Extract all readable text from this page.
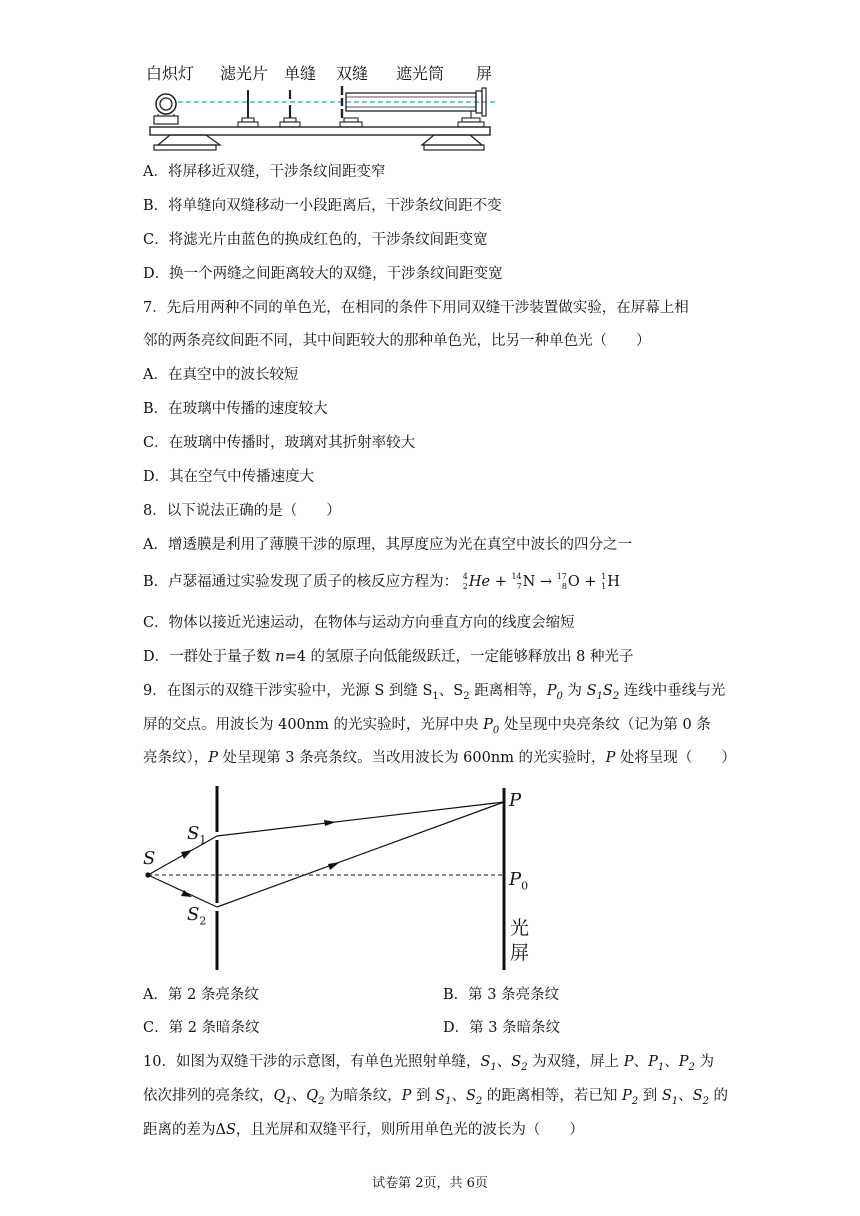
白炽灯 滤光片 单缝 双缝 遮光筒 屏
A．将屏移近双缝，干涉条纹间距变窄
B．将单缝向双缝移动一小段距离后，干涉条纹间距不变
C．将滤光片由蓝色的换成红色的，干涉条纹间距变宽
D．换一个两缝之间距离较大的双缝，干涉条纹间距变宽
7．先后用两种不同的单色光，在相同的条件下用同双缝干涉装置做实验，在屏幕上相
邻的两条亮纹间距不同，其中间距较大的那种单色光，比另一种单色光（　　）
A．在真空中的波长较短
B．在玻璃中传播的速度较大
C．在玻璃中传播时，玻璃对其折射率较大
D．其在空气中传播速度大
8．以下说法正确的是（　　）
A．增透膜是利用了薄膜干涉的原理，其厚度应为光在真空中波长的四分之一
B．卢瑟福通过实验发现了质子的核反应方程为： 4
2 He + 14
7 N → 17
8 O + 1
1 H
C．物体以接近光速运动，在物体与运动方向垂直方向的线度会缩短
D．一群处于量子数 n=4 的氢原子向低能级跃迁，一定能够释放出 8 种光子
9．在图示的双缝干涉实验中，光源 S 到缝 $S_1$、$S_2$ 距离相等，$P_0$ 为 $S_1S_2$ 连线中垂线与光
屏的交点。用波长为 400nm 的光实验时，光屏中央 $P_0$ 处呈现中央亮条纹（记为第 0 条
亮条纹），P 处呈现第 3 条亮条纹。当改用波长为 600nm 的光实验时，P 处将呈现（　　）
S
$S_1$
$S_2$
P
$P_0$
光
屏
A．第 2 条亮条纹	B．第 3 条亮条纹
C．第 2 条暗条纹	D．第 3 条暗条纹
10．如图为双缝干涉的示意图，有单色光照射单缝，$S_1$、$S_2$ 为双缝，屏上 P、$P_1$、$P_2$ 为
依次排列的亮条纹，$Q_1$、$Q_2$ 为暗条纹，P 到 $S_1$、$S_2$ 的距离相等，若已知 $P_2$ 到 $S_1$、$S_2$ 的
距离的差为ΔS，且光屏和双缝平行，则所用单色光的波长为（　　）
试卷第 2页，共 6页
